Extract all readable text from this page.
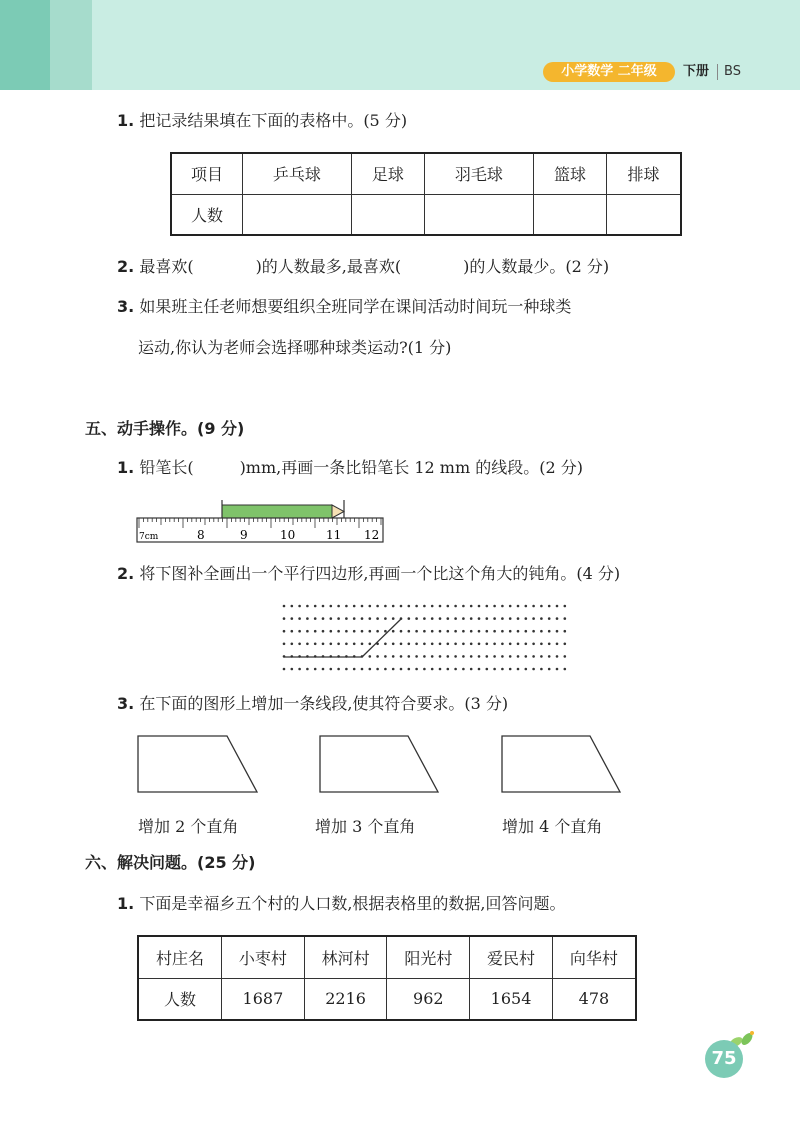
小学数学 二年级	下册 BS
1. 把记录结果填在下面的表格中。(5 分)
项目	乒乓球	足球	羽毛球	篮球	排球
人数					
2. 最喜欢(	)的人数最多,最喜欢(	)的人数最少。(2 分)
3. 如果班主任老师想要组织全班同学在课间活动时间玩一种球类
运动,你认为老师会选择哪种球类运动?(1 分)
五、动手操作。(9 分)
1. 铅笔长(	)mm,再画一条比铅笔长 12 mm 的线段。(2 分)
7cm	8	9	10	11 12
2. 将下图补全画出一个平行四边形,再画一个比这个角大的钝角。(4 分)
3. 在下面的图形上增加一条线段,使其符合要求。(3 分)
增加 2 个直角	增加 3 个直角	增加 4 个直角
六、解决问题。(25 分)
1. 下面是幸福乡五个村的人口数,根据表格里的数据,回答问题。
村庄名	小枣村	林河村	阳光村	爱民村	向华村
人数	1687	2216	962	1654	478
75
